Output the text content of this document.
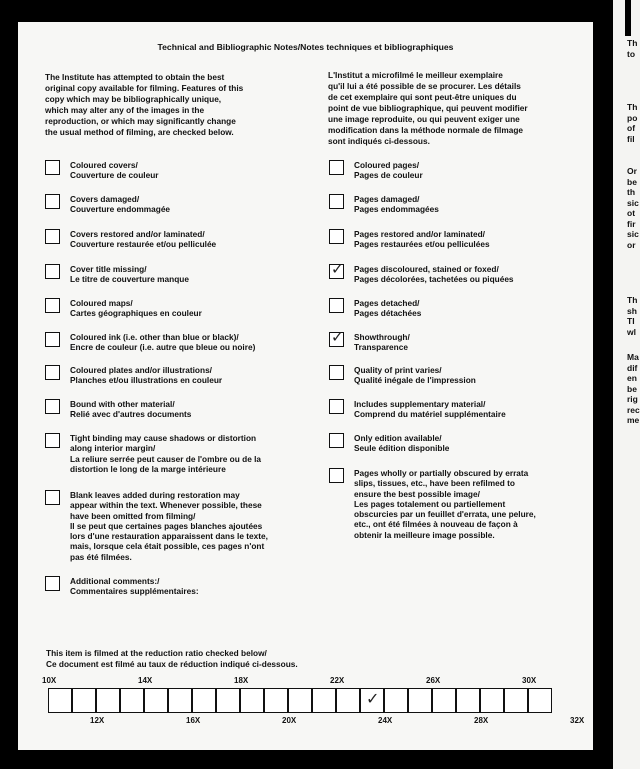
Technical and Bibliographic Notes/Notes techniques et bibliographiques
The Institute has attempted to obtain the best
original copy available for filming. Features of this
copy which may be bibliographically unique,
which may alter any of the images in the
reproduction, or which may significantly change
the usual method of filming, are checked below.
L'Institut a microfilmé le meilleur exemplaire
qu'il lui a été possible de se procurer. Les détails
de cet exemplaire qui sont peut-être uniques du
point de vue bibliographique, qui peuvent modifier
une image reproduite, ou qui peuvent exiger une
modification dans la méthode normale de filmage
sont indiqués ci-dessous.
Coloured covers/
Couverture de couleur
Covers damaged/
Couverture endommagée
Covers restored and/or laminated/
Couverture restaurée et/ou pelliculée
Cover title missing/
Le titre de couverture manque
Coloured maps/
Cartes géographiques en couleur
Coloured ink (i.e. other than blue or black)/
Encre de couleur (i.e. autre que bleue ou noire)
Coloured plates and/or illustrations/
Planches et/ou illustrations en couleur
Bound with other material/
Relié avec d'autres documents
Tight binding may cause shadows or distortion
along interior margin/
La reliure serrée peut causer de l'ombre ou de la
distortion le long de la marge intérieure
Blank leaves added during restoration may
appear within the text. Whenever possible, these
have been omitted from filming/
Il se peut que certaines pages blanches ajoutées
lors d'une restauration apparaissent dans le texte,
mais, lorsque cela était possible, ces pages n'ont
pas été filmées.
Additional comments:/
Commentaires supplémentaires:
Coloured pages/
Pages de couleur
Pages damaged/
Pages endommagées
Pages restored and/or laminated/
Pages restaurées et/ou pelliculées
✓ Pages discoloured, stained or foxed/
Pages décolorées, tachetées ou piquées
Pages detached/
Pages détachées
✓ Showthrough/
Transparence
Quality of print varies/
Qualité inégale de l'impression
Includes supplementary material/
Comprend du matériel supplémentaire
Only edition available/
Seule édition disponible
Pages wholly or partially obscured by errata
slips, tissues, etc., have been refilmed to
ensure the best possible image/
Les pages totalement ou partiellement
obscurcies par un feuillet d'errata, une pelure,
etc., ont été filmées à nouveau de façon à
obtenir la meilleure image possible.
This item is filmed at the reduction ratio checked below/
Ce document est filmé au taux de réduction indiqué ci-dessous.
10X	14X	18X	22X	26X	30X
✓
12X	16X	20X	24X	28X	32X
Th
to
Th
po
of
fil
Or
be
th
sic
ot
fir
sic
or
Th
sh
TI
wl
Ma
dif
en
be
rig
rec
me
